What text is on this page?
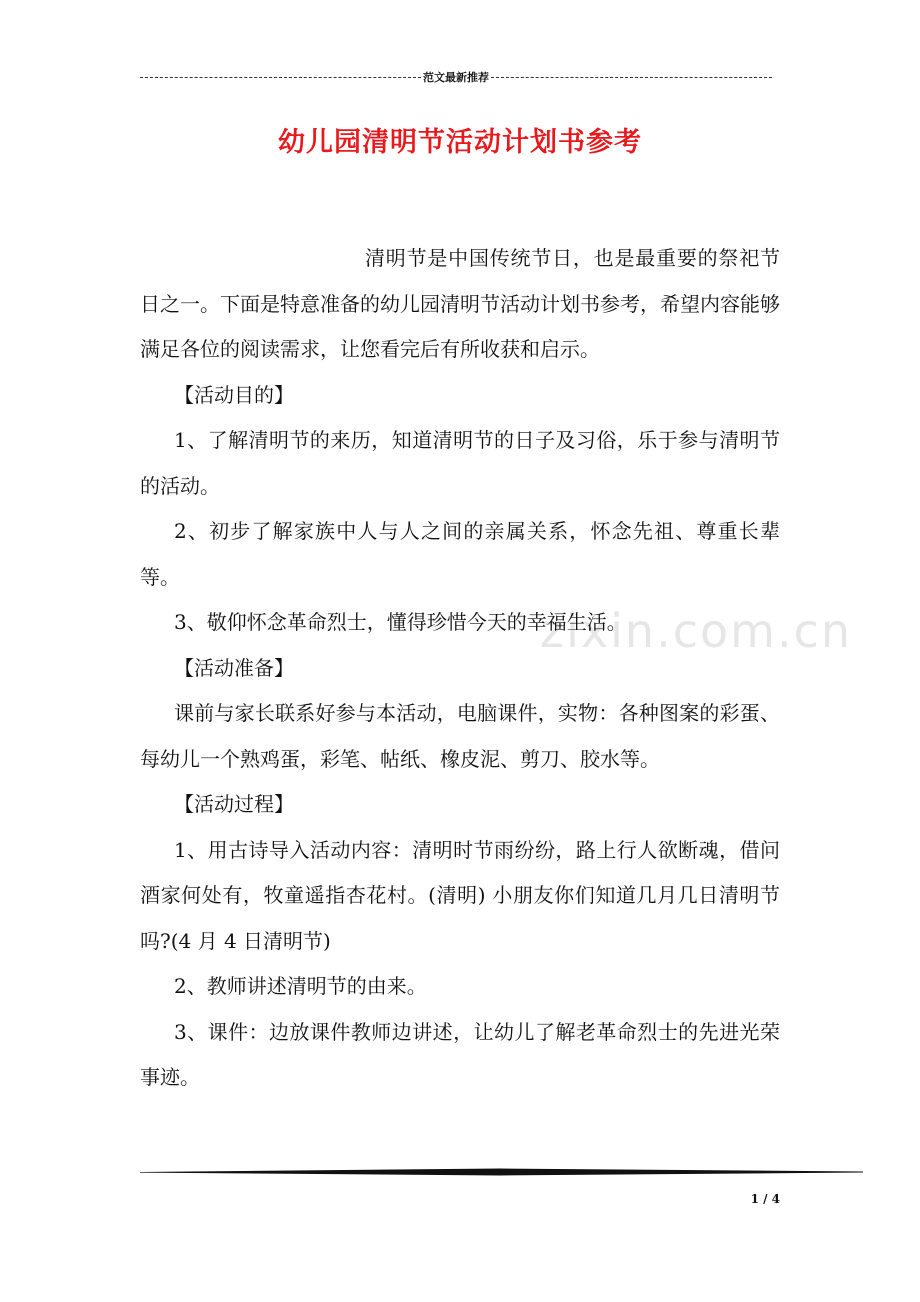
范文最新推荐
幼儿园清明节活动计划书参考
zixin.com.cn

清明节是中国传统节日，也是最重要的祭祀节日之一。下面是特意准备的幼儿园清明节活动计划书参考，希望内容能够满足各位的阅读需求，让您看完后有所收获和启示。

【活动目的】

1、了解清明节的来历，知道清明节的日子及习俗，乐于参与清明节的活动。

2、初步了解家族中人与人之间的亲属关系，怀念先祖、尊重长辈等。

3、敬仰怀念革命烈士，懂得珍惜今天的幸福生活。

【活动准备】

课前与家长联系好参与本活动，电脑课件，实物：各种图案的彩蛋、每幼儿一个熟鸡蛋，彩笔、帖纸、橡皮泥、剪刀、胶水等。

【活动过程】

1、用古诗导入活动内容：清明时节雨纷纷，路上行人欲断魂，借问酒家何处有，牧童遥指杏花村。(清明) 小朋友你们知道几月几日清明节吗?(4 月 4 日清明节)

2、教师讲述清明节的由来。

3、课件：边放课件教师边讲述，让幼儿了解老革命烈士的先进光荣事迹。

1 / 4
